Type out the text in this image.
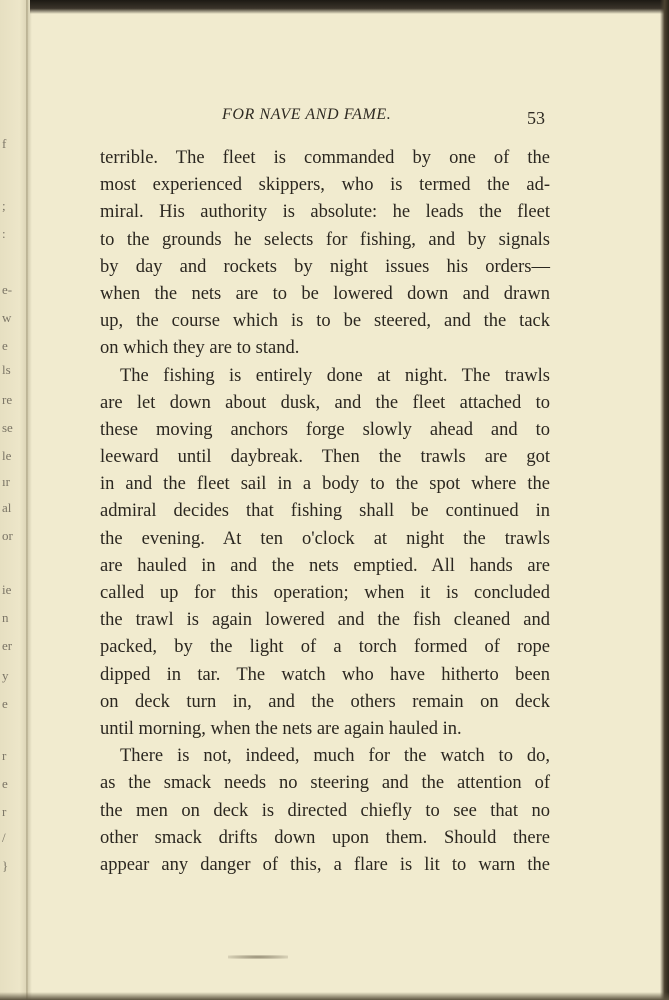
f
;
:
e-
w
e
ls
re
se
le
ır
al
or
ie
n
er
y
e
r
e
r
/
}
FOR NAVE AND FAME.	53
terrible. The fleet is commanded by one of the
most experienced skippers, who is termed the ad-
miral. His authority is absolute: he leads the fleet
to the grounds he selects for fishing, and by signals
by day and rockets by night issues his orders—
when the nets are to be lowered down and drawn
up, the course which is to be steered, and the tack
on which they are to stand.
The fishing is entirely done at night. The trawls
are let down about dusk, and the fleet attached to
these moving anchors forge slowly ahead and to
leeward until daybreak. Then the trawls are got
in and the fleet sail in a body to the spot where the
admiral decides that fishing shall be continued in
the evening. At ten o'clock at night the trawls
are hauled in and the nets emptied. All hands are
called up for this operation; when it is concluded
the trawl is again lowered and the fish cleaned and
packed, by the light of a torch formed of rope
dipped in tar. The watch who have hitherto been
on deck turn in, and the others remain on deck
until morning, when the nets are again hauled in.
There is not, indeed, much for the watch to do,
as the smack needs no steering and the attention of
the men on deck is directed chiefly to see that no
other smack drifts down upon them. Should there
appear any danger of this, a flare is lit to warn the
